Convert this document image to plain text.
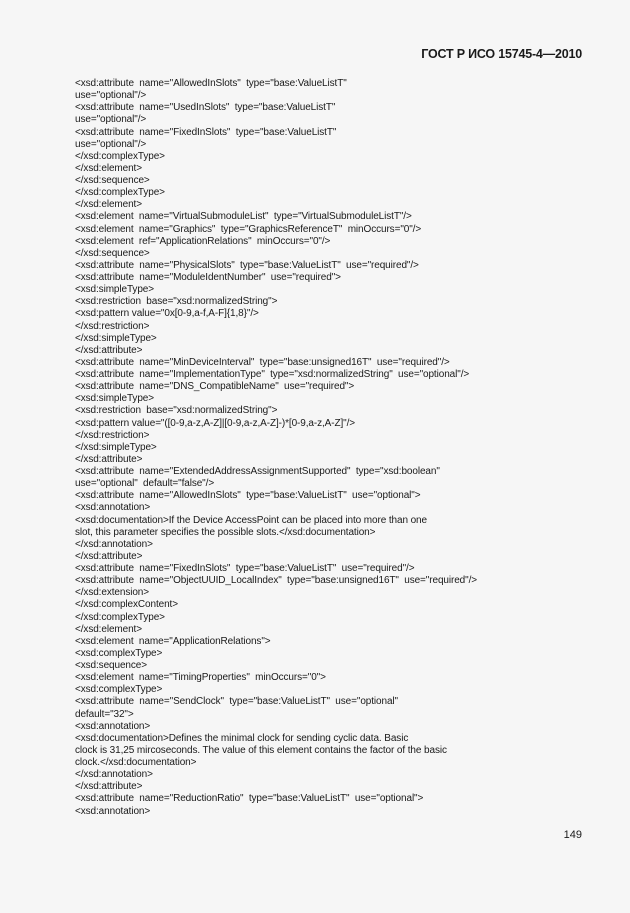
ГОСТ Р ИСО 15745-4—2010
<xsd:attribute  name="AllowedInSlots"  type="base:ValueListT"
use="optional"/>
<xsd:attribute  name="UsedInSlots"  type="base:ValueListT"
use="optional"/>
<xsd:attribute  name="FixedInSlots"  type="base:ValueListT"
use="optional"/>
</xsd:complexType>
</xsd:element>
</xsd:sequence>
</xsd:complexType>
</xsd:element>
<xsd:element  name="VirtualSubmoduleList"  type="VirtualSubmoduleListT"/>
<xsd:element  name="Graphics"  type="GraphicsReferenceT"  minOccurs="0"/>
<xsd:element  ref="ApplicationRelations"  minOccurs="0"/>
</xsd:sequence>
<xsd:attribute  name="PhysicalSlots"  type="base:ValueListT"  use="required"/>
<xsd:attribute  name="ModuleIdentNumber"  use="required">
<xsd:simpleType>
<xsd:restriction  base="xsd:normalizedString">
<xsd:pattern value="0x[0-9,a-f,A-F]{1,8}"/>
</xsd:restriction>
</xsd:simpleType>
</xsd:attribute>
<xsd:attribute  name="MinDeviceInterval"  type="base:unsigned16T"  use="required"/>
<xsd:attribute  name="ImplementationType"  type="xsd:normalizedString"  use="optional"/>
<xsd:attribute  name="DNS_CompatibleName"  use="required">
<xsd:simpleType>
<xsd:restriction  base="xsd:normalizedString">
<xsd:pattern value="([0-9,a-z,A-Z]|[0-9,a-z,A-Z]-)*[0-9,a-z,A-Z]"/>
</xsd:restriction>
</xsd:simpleType>
</xsd:attribute>
<xsd:attribute  name="ExtendedAddressAssignmentSupported"  type="xsd:boolean"
use="optional"  default="false"/>
<xsd:attribute  name="AllowedInSlots"  type="base:ValueListT"  use="optional">
<xsd:annotation>
<xsd:documentation>If the Device AccessPoint can be placed into more than one
slot, this parameter specifies the possible slots.</xsd:documentation>
</xsd:annotation>
</xsd:attribute>
<xsd:attribute  name="FixedInSlots"  type="base:ValueListT"  use="required"/>
<xsd:attribute  name="ObjectUUID_LocalIndex"  type="base:unsigned16T"  use="required"/>
</xsd:extension>
</xsd:complexContent>
</xsd:complexType>
</xsd:element>
<xsd:element  name="ApplicationRelations">
<xsd:complexType>
<xsd:sequence>
<xsd:element  name="TimingProperties"  minOccurs="0">
<xsd:complexType>
<xsd:attribute  name="SendClock"  type="base:ValueListT"  use="optional"
default="32">
<xsd:annotation>
<xsd:documentation>Defines the minimal clock for sending cyclic data. Basic
clock is 31,25 mircoseconds. The value of this element contains the factor of the basic
clock.</xsd:documentation>
</xsd:annotation>
</xsd:attribute>
<xsd:attribute  name="ReductionRatio"  type="base:ValueListT"  use="optional">
<xsd:annotation>
149
